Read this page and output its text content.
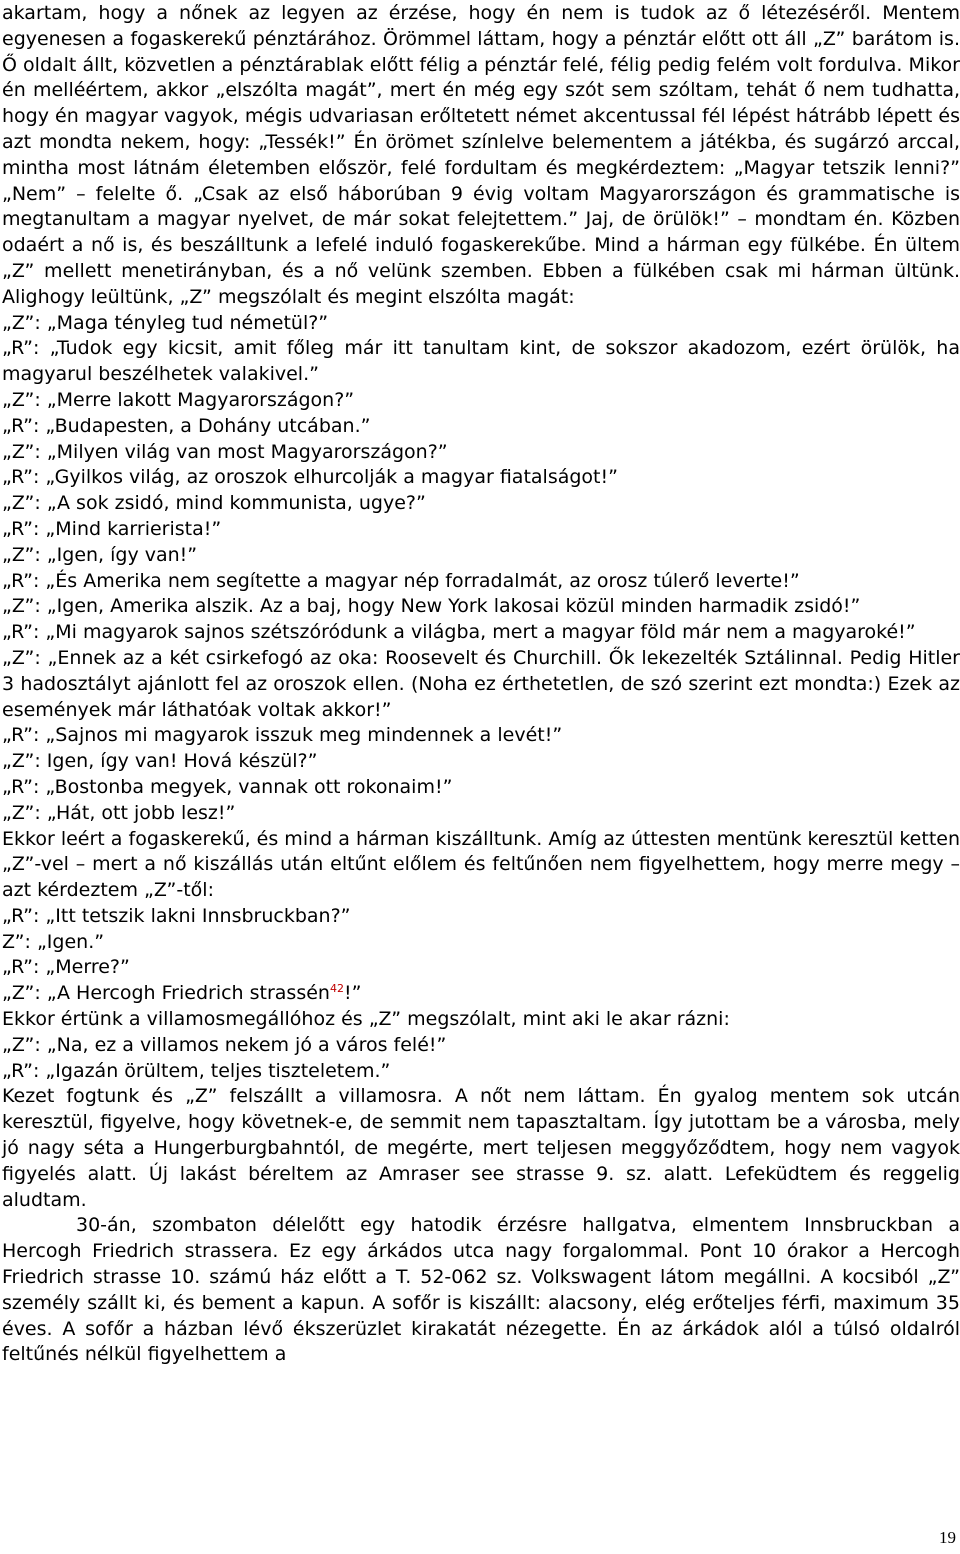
akartam, hogy a nőnek az legyen az érzése, hogy én nem is tudok az ő létezéséről. Mentem egyenesen a fogaskerekű pénztárához. Örömmel láttam, hogy a pénztár előtt ott áll „Z” barátom is. Ő oldalt állt, közvetlen a pénztárablak előtt félig a pénztár felé, félig pedig felém volt fordulva. Mikor én melléértem, akkor „elszólta magát”, mert én még egy szót sem szóltam, tehát ő nem tudhatta, hogy én magyar vagyok, mégis udvariasan erőltetett német akcentussal fél lépést hátrább lépett és azt mondta nekem, hogy: „Tessék!” Én örömet színlelve belementem a játékba, és sugárzó arccal, mintha most látnám életemben először, felé fordultam és megkérdeztem: „Magyar tetszik lenni?” „Nem” – felelte ő. „Csak az első háborúban 9 évig voltam Magyarországon és grammatische is megtanultam a magyar nyelvet, de már sokat felejtettem.” Jaj, de örülök!” – mondtam én. Közben odaért a nő is, és beszálltunk a lefelé induló fogaskerekűbe. Mind a hárman egy fülkébe. Én ültem „Z” mellett menetirányban, és a nő velünk szemben. Ebben a fülkében csak mi hárman ültünk. Alighogy leültünk, „Z” megszólalt és megint elszólta magát:

„Z”: „Maga tényleg tud németül?”

„R”: „Tudok egy kicsit, amit főleg már itt tanultam kint, de sokszor akadozom, ezért örülök, ha magyarul beszélhetek valakivel.”

„Z”: „Merre lakott Magyarországon?”

„R”: „Budapesten, a Dohány utcában.”

„Z”: „Milyen világ van most Magyarországon?”

„R”: „Gyilkos világ, az oroszok elhurcolják a magyar fiatalságot!”

„Z”: „A sok zsidó, mind kommunista, ugye?”

„R”: „Mind karrierista!”

„Z”: „Igen, így van!”

„R”: „És Amerika nem segítette a magyar nép forradalmát, az orosz túlerő leverte!”

„Z”: „Igen, Amerika alszik. Az a baj, hogy New York lakosai közül minden harmadik zsidó!”

„R”: „Mi magyarok sajnos szétszóródunk a világba, mert a magyar föld már nem a magyaroké!”

„Z”: „Ennek az a két csirkefogó az oka: Roosevelt és Churchill. Ők lekezelték Sztálinnal. Pedig Hitler 3 hadosztályt ajánlott fel az oroszok ellen. (Noha ez érthetetlen, de szó szerint ezt mondta:) Ezek az események már láthatóak voltak akkor!”

„R”: „Sajnos mi magyarok isszuk meg mindennek a levét!”

„Z”: Igen, így van! Hová készül?”

„R”: „Bostonba megyek, vannak ott rokonaim!”

„Z”: „Hát, ott jobb lesz!”

Ekkor leért a fogaskerekű, és mind a hárman kiszálltunk. Amíg az úttesten mentünk keresztül ketten „Z”-vel – mert a nő kiszállás után eltűnt előlem és feltűnően nem figyelhettem, hogy merre megy – azt kérdeztem „Z”-től:

„R”: „Itt tetszik lakni Innsbruckban?”

Z”: „Igen.”

„R”: „Merre?”

„Z”: „A Hercogh Friedrich strassén$^{42}$!”

Ekkor értünk a villamosmegállóhoz és „Z” megszólalt, mint aki le akar rázni:

„Z”: „Na, ez a villamos nekem jó a város felé!”

„R”: „Igazán örültem, teljes tiszteletem.”

Kezet fogtunk és „Z” felszállt a villamosra. A nőt nem láttam. Én gyalog mentem sok utcán keresztül, figyelve, hogy követnek-e, de semmit nem tapasztaltam. Így jutottam be a városba, mely jó nagy séta a Hungerburgbahntól, de megérte, mert teljesen meggyőződtem, hogy nem vagyok figyelés alatt. Új lakást béreltem az Amraser see strasse 9. sz. alatt. Lefeküdtem és reggelig aludtam.

30-án, szombaton délelőtt egy hatodik érzésre hallgatva, elmentem Innsbruckban a Hercogh Friedrich strassera. Ez egy árkádos utca nagy forgalommal. Pont 10 órakor a Hercogh Friedrich strasse 10. számú ház előtt a T. 52-062 sz. Volkswagent látom megállni. A kocsiból „Z” személy szállt ki, és bement a kapun. A sofőr is kiszállt: alacsony, elég erőteljes férfi, maximum 35 éves. A sofőr a házban lévő ékszerüzlet kirakatát nézegette. Én az árkádok alól a túlsó oldalról feltűnés nélkül figyelhettem a

19
